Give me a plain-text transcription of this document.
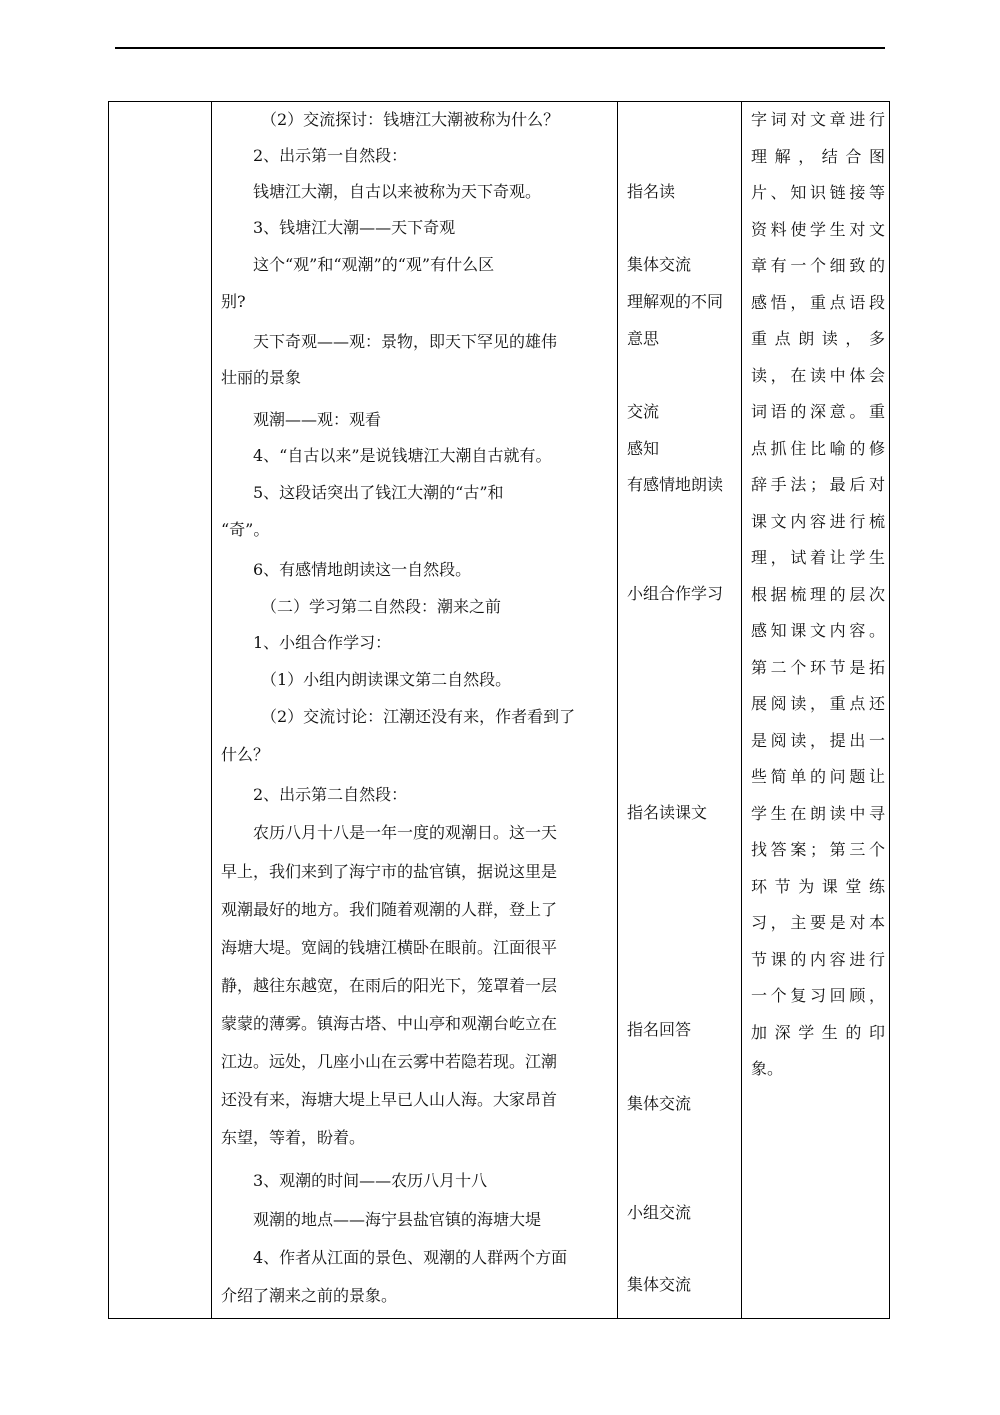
（2）交流探讨：钱塘江大潮被称为什么？
2、出示第一自然段：
钱塘江大潮，自古以来被称为天下奇观。
3、钱塘江大潮——天下奇观
这个“观”和“观潮”的“观”有什么区
别?
天下奇观——观：景物，即天下罕见的雄伟
壮丽的景象
观潮——观：观看
4、“自古以来”是说钱塘江大潮自古就有。
5、这段话突出了钱江大潮的“古”和
“奇”。
6、有感情地朗读这一自然段。
（二）学习第二自然段：潮来之前
1、小组合作学习：
（1）小组内朗读课文第二自然段。
（2）交流讨论：江潮还没有来，作者看到了
什么？
2、出示第二自然段：
农历八月十八是一年一度的观潮日。这一天
早上，我们来到了海宁市的盐官镇，据说这里是
观潮最好的地方。我们随着观潮的人群，登上了
海塘大堤。宽阔的钱塘江横卧在眼前。江面很平
静，越往东越宽，在雨后的阳光下，笼罩着一层
蒙蒙的薄雾。镇海古塔、中山亭和观潮台屹立在
江边。远处，几座小山在云雾中若隐若现。江潮
还没有来，海塘大堤上早已人山人海。大家昂首
东望，等着，盼着。
3、观潮的时间——农历八月十八
观潮的地点——海宁县盐官镇的海塘大堤
4、作者从江面的景色、观潮的人群两个方面
介绍了潮来之前的景象。
指名读
集体交流
理解观的不同
意思
交流
感知
有感情地朗读
小组合作学习
指名读课文
指名回答
集体交流
小组交流
集体交流
字词对文章进行
理解，结合图
片、知识链接等
资料使学生对文
章有一个细致的
感悟，重点语段
重点朗读，多
读，在读中体会
词语的深意。重
点抓住比喻的修
辞手法；最后对
课文内容进行梳
理，试着让学生
根据梳理的层次
感知课文内容。
第二个环节是拓
展阅读，重点还
是阅读，提出一
些简单的问题让
学生在朗读中寻
找答案；第三个
环节为课堂练
习，主要是对本
节课的内容进行
一个复习回顾，
加深学生的印
象。
